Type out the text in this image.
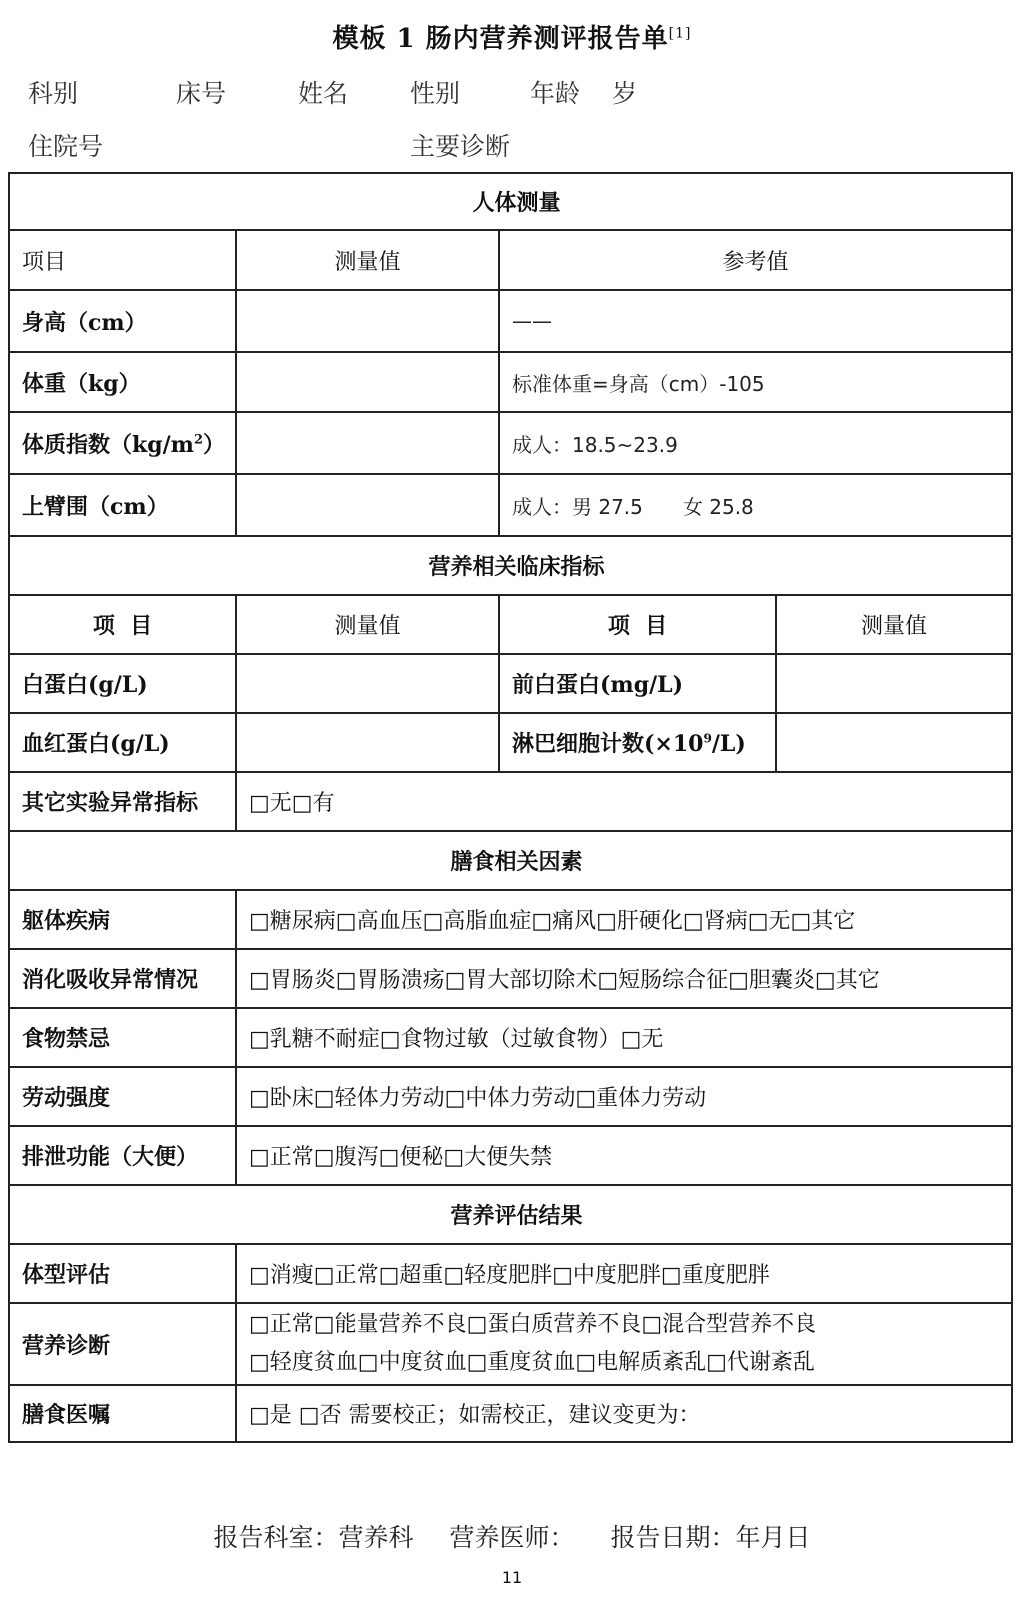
模板 1 肠内营养测评报告单[1]
科别	床号	姓名 性别	年龄 岁
住院号	主要诊断
人体测量			
项目	测量值	参考值	
身高（cm）		——	
体重（kg）		标准体重=身高（cm）-105	
体质指数$(kg/m^2)$		成人：18.5~23.9	
上臂围（cm）		成人：男 27.5　　女 25.8	
营养相关临床指标			
项  目	测量值	项  目	测量值
白蛋白(g/L)		前白蛋白(mg/L)	
血红蛋白(g/L)		淋巴细胞计数$(\times 10^9/L)$	
其它实验异常指标	□无□有		
膳食相关因素			
躯体疾病	□糖尿病□高血压□高脂血症□痛风□肝硬化□肾病□无□其它		
消化吸收异常情况	□胃肠炎□胃肠溃疡□胃大部切除术□短肠综合征□胆囊炎□其它		
食物禁忌	□乳糖不耐症□食物过敏（过敏食物）□无		
劳动强度	□卧床□轻体力劳动□中体力劳动□重体力劳动		
排泄功能（大便）	□正常□腹泻□便秘□大便失禁		
营养评估结果			
体型评估	□消瘦□正常□超重□轻度肥胖□中度肥胖□重度肥胖		
营养诊断	□正常□能量营养不良□蛋白质营养不良□混合型营养不良
□轻度贫血□中度贫血□重度贫血□电解质紊乱□代谢紊乱		

膳食医嘱	□是 □否 需要校正；如需校正，建议变更为：		
报告科室：营养科 营养医师： 报告日期：年月日
11
